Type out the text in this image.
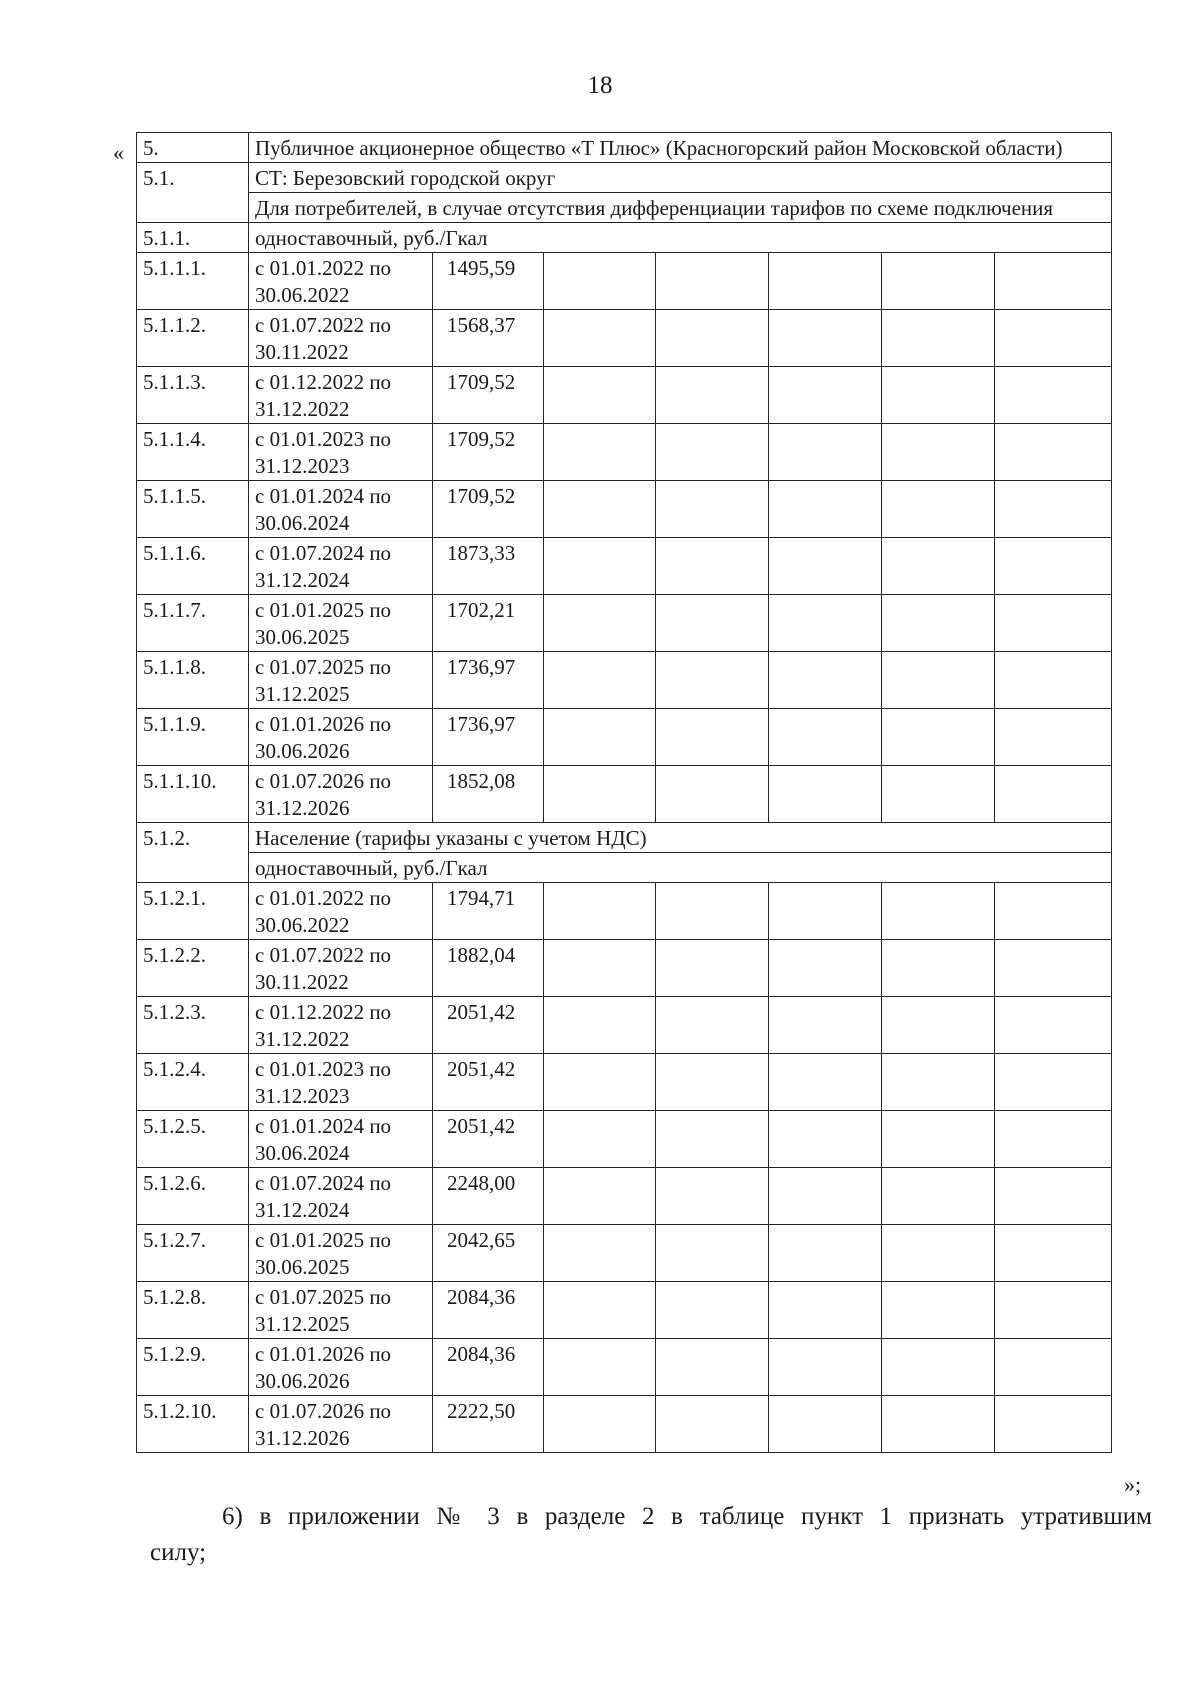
18
« 5.	Публичное акционерное общество «Т Плюс» (Красногорский район Московской области)						
5.1.	СТ: Березовский городской округ						
	Для потребителей, в случае отсутствия дифференциации тарифов по схеме подключения						
5.1.1.	одноставочный, руб./Гкал						
5.1.1.1.	с 01.01.2022 по 30.06.2022	1495,59					
5.1.1.2.	с 01.07.2022 по 30.11.2022	1568,37					
5.1.1.3.	с 01.12.2022 по 31.12.2022	1709,52					
5.1.1.4.	с 01.01.2023 по 31.12.2023	1709,52					
5.1.1.5.	с 01.01.2024 по 30.06.2024	1709,52					
5.1.1.6.	с 01.07.2024 по 31.12.2024	1873,33					
5.1.1.7.	с 01.01.2025 по 30.06.2025	1702,21					
5.1.1.8.	с 01.07.2025 по 31.12.2025	1736,97					
5.1.1.9.	с 01.01.2026 по 30.06.2026	1736,97					
5.1.1.10.	с 01.07.2026 по 31.12.2026	1852,08					
5.1.2.	Население (тарифы указаны с учетом НДС)						
	одноставочный, руб./Гкал						
5.1.2.1.	с 01.01.2022 по 30.06.2022	1794,71					
5.1.2.2.	с 01.07.2022 по 30.11.2022	1882,04					
5.1.2.3.	с 01.12.2022 по 31.12.2022	2051,42					
5.1.2.4.	с 01.01.2023 по 31.12.2023	2051,42					
5.1.2.5.	с 01.01.2024 по 30.06.2024	2051,42					
5.1.2.6.	с 01.07.2024 по 31.12.2024	2248,00					
5.1.2.7.	с 01.01.2025 по 30.06.2025	2042,65					
5.1.2.8.	с 01.07.2025 по 31.12.2025	2084,36					
5.1.2.9.	с 01.01.2026 по 30.06.2026	2084,36					
5.1.2.10.	с 01.07.2026 по 31.12.2026	2222,50					
»;
6) в приложении № 3 в разделе 2 в таблице пункт 1 признать утратившим
силу;
